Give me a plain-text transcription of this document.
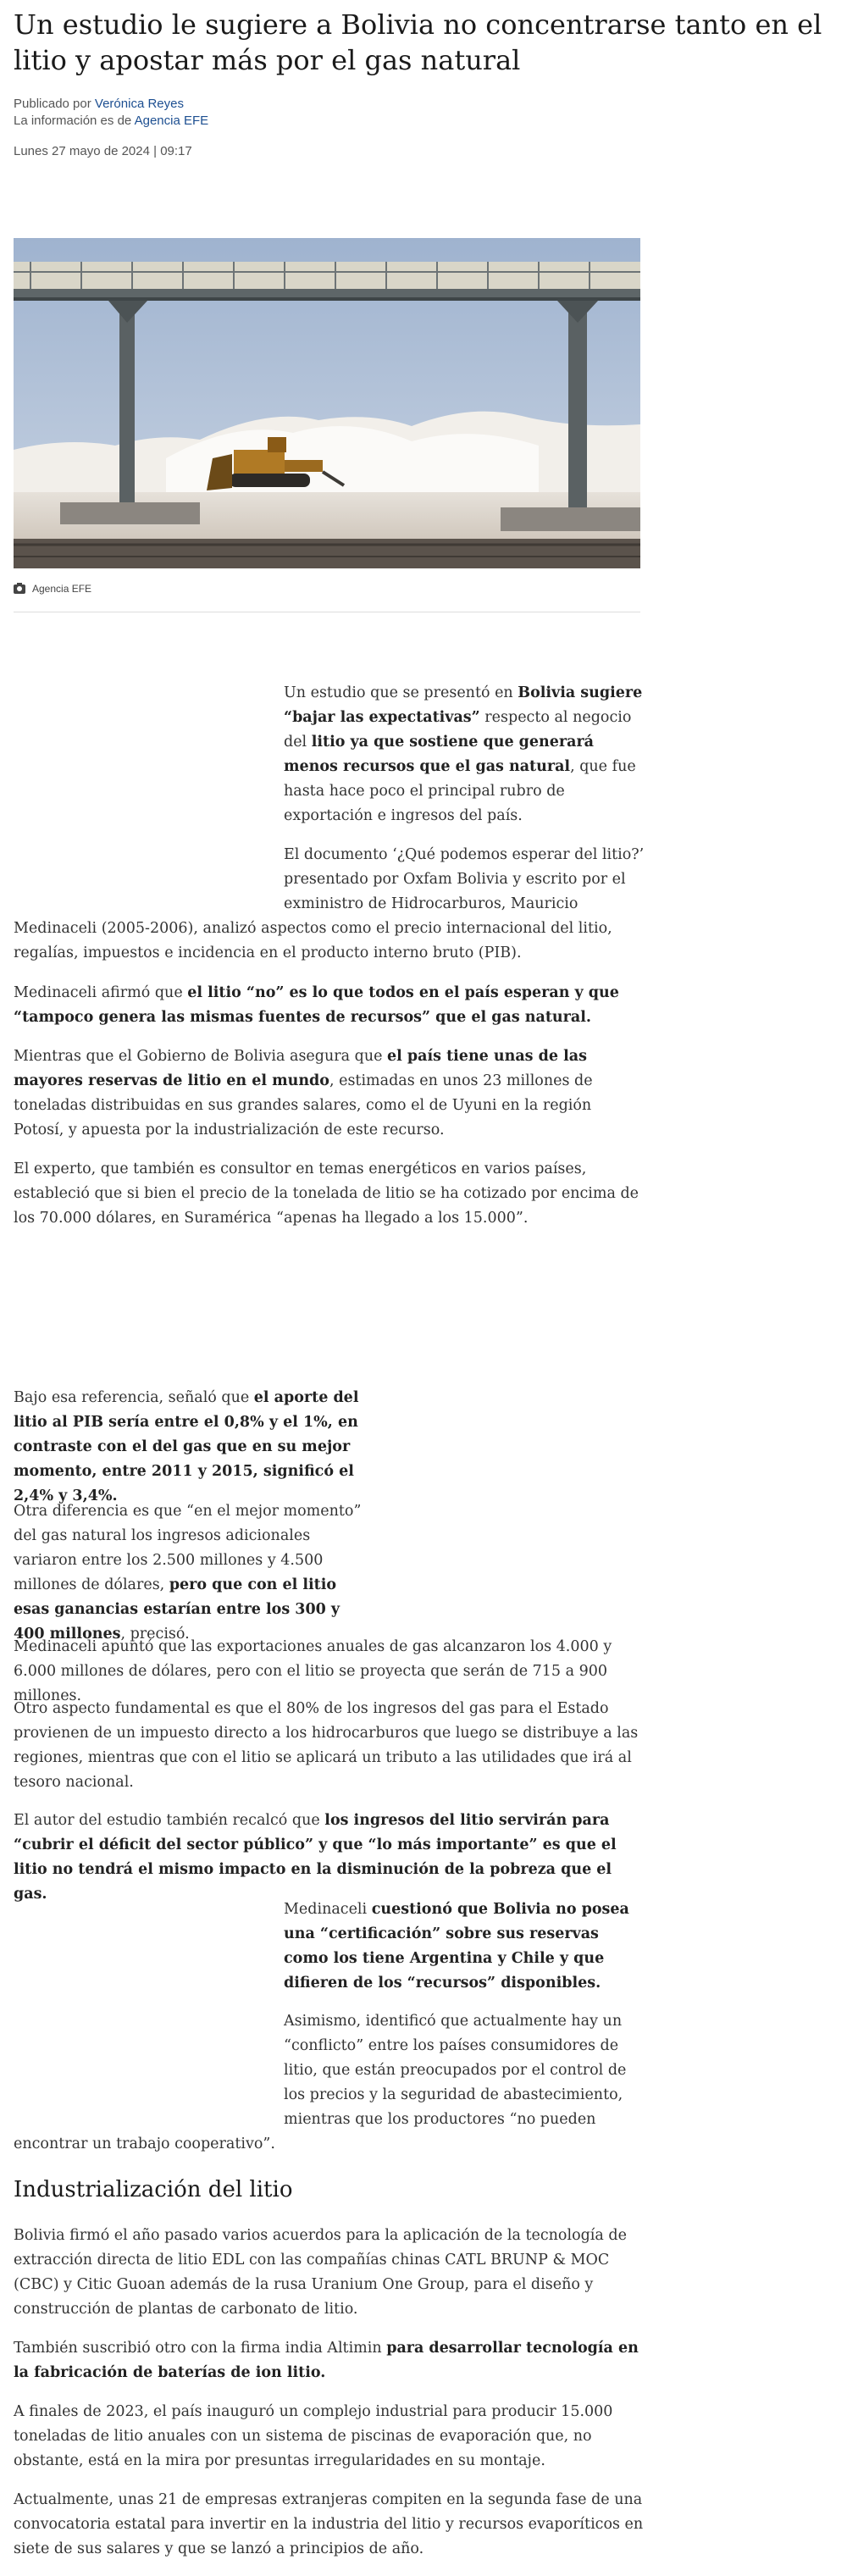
Un estudio le sugiere a Bolivia no concentrarse tanto en el litio y apostar más por el gas natural
Publicado por Verónica Reyes
La información es de Agencia EFE
Lunes 27 mayo de 2024 | 09:17
Agencia EFE
Un estudio que se presentó en Bolivia sugiere “bajar las expectativas” respecto al negocio del litio ya que sostiene que generará menos recursos que el gas natural, que fue hasta hace poco el principal rubro de exportación e ingresos del país.
El documento ‘¿Qué podemos esperar del litio?’ presentado por Oxfam Bolivia y escrito por el exministro de Hidrocarburos, Mauricio Medinaceli (2005-2006), analizó aspectos como el precio internacional del litio, regalías, impuestos e incidencia en el producto interno bruto (PIB).
Medinaceli afirmó que el litio “no” es lo que todos en el país esperan y que “tampoco genera las mismas fuentes de recursos” que el gas natural.
Mientras que el Gobierno de Bolivia asegura que el país tiene unas de las mayores reservas de litio en el mundo, estimadas en unos 23 millones de toneladas distribuidas en sus grandes salares, como el de Uyuni en la región Potosí, y apuesta por la industrialización de este recurso.
El experto, que también es consultor en temas energéticos en varios países, estableció que si bien el precio de la tonelada de litio se ha cotizado por encima de los 70.000 dólares, en Suramérica “apenas ha llegado a los 15.000”.
Bajo esa referencia, señaló que el aporte del litio al PIB sería entre el 0,8% y el 1%, en contraste con el del gas que en su mejor momento, entre 2011 y 2015, significó el 2,4% y 3,4%.
Otra diferencia es que “en el mejor momento” del gas natural los ingresos adicionales variaron entre los 2.500 millones y 4.500 millones de dólares, pero que con el litio esas ganancias estarían entre los 300 y 400 millones, precisó.
Medinaceli apuntó que las exportaciones anuales de gas alcanzaron los 4.000 y 6.000 millones de dólares, pero con el litio se proyecta que serán de 715 a 900 millones.
Otro aspecto fundamental es que el 80% de los ingresos del gas para el Estado provienen de un impuesto directo a los hidrocarburos que luego se distribuye a las regiones, mientras que con el litio se aplicará un tributo a las utilidades que irá al tesoro nacional.
El autor del estudio también recalcó que los ingresos del litio servirán para “cubrir el déficit del sector público” y que “lo más importante” es que el litio no tendrá el mismo impacto en la disminución de la pobreza que el gas.
Medinaceli cuestionó que Bolivia no posea una “certificación” sobre sus reservas como los tiene Argentina y Chile y que difieren de los “recursos” disponibles.
Asimismo, identificó que actualmente hay un “conflicto” entre los países consumidores de litio, que están preocupados por el control de los precios y la seguridad de abastecimiento, mientras que los productores “no pueden encontrar un trabajo cooperativo”.
Industrialización del litio
Bolivia firmó el año pasado varios acuerdos para la aplicación de la tecnología de extracción directa de litio EDL con las compañías chinas CATL BRUNP & MOC (CBC) y Citic Guoan además de la rusa Uranium One Group, para el diseño y construcción de plantas de carbonato de litio.
También suscribió otro con la firma india Altimin para desarrollar tecnología en la fabricación de baterías de ion litio.
A finales de 2023, el país inauguró un complejo industrial para producir 15.000 toneladas de litio anuales con un sistema de piscinas de evaporación que, no obstante, está en la mira por presuntas irregularidades en su montaje.
Actualmente, unas 21 de empresas extranjeras compiten en la segunda fase de una convocatoria estatal para invertir en la industria del litio y recursos evaporíticos en siete de sus salares y que se lanzó a principios de año.
